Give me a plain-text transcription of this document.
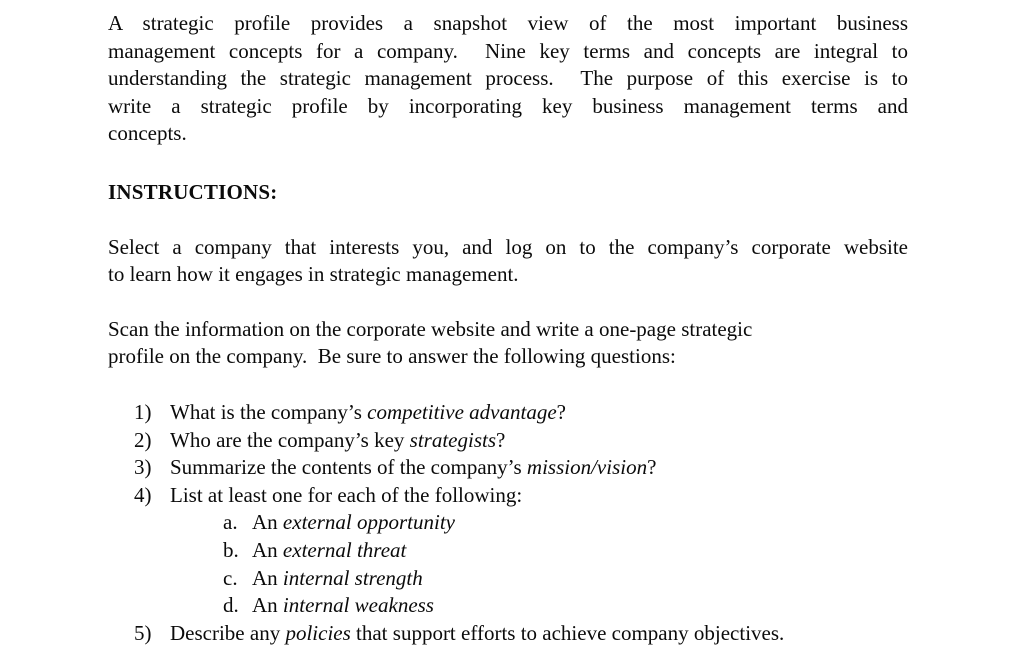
A strategic profile provides a snapshot view of the most important business
management concepts for a company.  Nine key terms and concepts are integral to
understanding the strategic management process.  The purpose of this exercise is to
write a strategic profile by incorporating key business management terms and
concepts.
INSTRUCTIONS:
Select a company that interests you, and log on to the company’s corporate website
to learn how it engages in strategic management.
Scan the information on the corporate website and write a one-page strategic
profile on the company.  Be sure to answer the following questions:
1) What is the company’s competitive advantage?
2) Who are the company’s key strategists?
3) Summarize the contents of the company’s mission/vision?
4) List at least one for each of the following:
a. An external opportunity
b. An external threat
c. An internal strength
d. An internal weakness
5) Describe any policies that support efforts to achieve company objectives.
